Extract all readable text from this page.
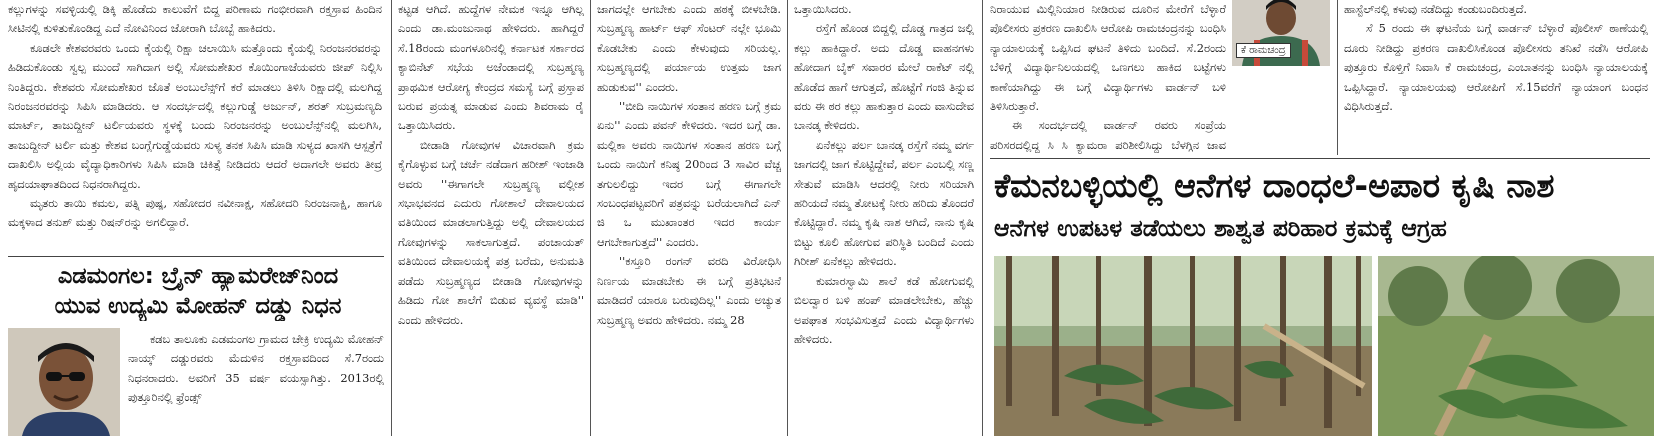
ಕಲ್ಲುಗಳನ್ನು ಸವಳ್ಳಿಯಲ್ಲಿ ಡಿಕ್ಕಿ ಹೊಡೆದು ಕಾಲುವೆಗೆ ಬಿದ್ದ ಪರಿಣಾಮ ಗಂಭೀರವಾಗಿ ರಕ್ತಸ್ರಾವ ಹಿಂದಿನ ಸೀಟಿನಲ್ಲಿ ಕುಳಿತುಕೊಂಡಿದ್ದ ಎದೆ ನೋವಿನಿಂದ ಜೋರಾಗಿ ಬೊಬ್ಬೆ ಹಾಕಿದರು.

ಕೂಡಲೇ ಕೇಶವರವರು ಒಂದು ಕೈಯಲ್ಲಿ ರಿಕ್ಷಾ ಚಲಾಯಿಸಿ ಮತ್ತೊಂದು ಕೈಯಲ್ಲಿ ನಿರಂಜನರವರನ್ನು ಹಿಡಿದುಕೊಂಡು ಸ್ವಲ್ಪ ಮುಂದೆ ಸಾಗಿದಾಗ ಅಲ್ಲಿ ಸೋಮಶೇಖರ ಕೊಯಿಂಗಾಜೆಯವರು ಜೀಪ್ ನಿಲ್ಲಿಸಿ ನಿಂತಿದ್ದರು. ಕೇಶವರು ಸೋಮಶೇಖರ ಜೊತೆ ಅಂಬುಲೆನ್ಸ್‌ಗೆ ಕರೆ ಮಾಡಲು ತಿಳಿಸಿ ರಿಕ್ಷಾದಲ್ಲಿ ಮಲಗಿದ್ದ ನಿರಂಜನರವರನ್ನು ಸಿಪಿಸಿ ಮಾಡಿದರು. ಆ ಸಂದರ್ಭದಲ್ಲಿ ಕಲ್ಲುಗುಡ್ಡೆ ಅರ್ಜುನ್, ಶರತ್ ಸುಬ್ರಮಣ್ಯದಿ ಮಾರ್ಟ್, ತಾಜುದ್ದೀನ್ ಟರ್ಲಿಯವರು ಸ್ಥಳಕ್ಕೆ ಬಂದು ನಿರಂಜನರನ್ನು ಅಂಬುಲೆನ್ಸ್‌ನಲ್ಲಿ ಮಲಗಿಸಿ, ತಾಜುದ್ದೀನ್ ಟರ್ಲಿ ಮತ್ತು ಕೇಶವ ಬಂಗ್ಲೆಗುಡ್ಡೆಯವರು ಸುಳ್ಯ ತನಕ ಸಿಪಿಸಿ ಮಾಡಿ ಸುಳ್ಯದ ಖಾಸಗಿ ಆಸ್ಪತ್ರೆಗೆ ದಾಖಲಿಸಿ ಅಲ್ಲಿಯ ವೈದ್ಯಾಧಿಕಾರಿಗಳು ಸಿಪಿಸಿ ಮಾಡಿ ಚಿಕಿತ್ಸೆ ನೀಡಿದರು ಆದರೆ ಅದಾಗಲೇ ಅವರು ತೀವ್ರ ಹೃದಯಾಘಾತದಿಂದ ನಿಧನರಾಗಿದ್ದರು.

ಮೃತರು ತಾಯಿ ಕಮಲ, ಪತ್ನಿ ಪುಷ್ಪ, ಸಹೋದರ ನವೀನಾಕ್ಷ, ಸಹೋದರಿ ನಿರಂಜನಾಕ್ಷಿ, ಹಾಗೂ ಮಕ್ಕಳಾದ ತನುಶ್ ಮತ್ತು ರಿಷನ್‌ರನ್ನು ಅಗಲಿದ್ದಾರೆ.

ಎಡಮಂಗಲ: ಬ್ರೈನ್ ಹ್ಯಾಮರೇಜ್‌ನಿಂದ
ಯುವ ಉದ್ಯಮಿ ಮೋಹನ್ ದಡ್ಡು ನಿಧನ

ಕಡಬ ತಾಲೂಕು ಎಡಮಂಗಲ ಗ್ರಾಮದ ಚೇಕ್ರಿ ಉದ್ಯಮಿ ಮೋಹನ್ ನಾಯ್ಕ್ ದಡ್ಡುರವರು ಮೆದುಳಿನ ರಕ್ತಸ್ರಾವದಿಂದ ಸೆ.7ರಂದು ನಿಧನರಾದರು. ಅವರಿಗೆ 35 ವರ್ಷ ವಯಸ್ಸಾಗಿತ್ತು. 2013ರಲ್ಲಿ ಪುತ್ತೂರಿನಲ್ಲಿ ಫ್ರೆಂಡ್ಸ್

ಕಟ್ಟಡ ಆಗಿದೆ. ಹುದ್ದೆಗಳ ನೇಮಕ ಇನ್ನೂ ಆಗಿಲ್ಲ ಎಂದು ಡಾ.ಮಂಜುನಾಥ ಹೇಳಿದರು. ಹಾಗಿದ್ದರೆ ಸೆ.18ರಂದು ಮಂಗಳೂರಿನಲ್ಲಿ ಕರ್ನಾಟಕ ಸರ್ಕಾರದ ಕ್ಯಾಬಿನೆಟ್ ಸಭೆಯ ಅಜೆಂಡಾದಲ್ಲಿ ಸುಬ್ರಹ್ಮಣ್ಯ ಪ್ರಾಥಮಿಕ ಆರೋಗ್ಯ ಕೇಂದ್ರದ ಸಮಸ್ಯೆ ಬಗ್ಗೆ ಪ್ರಸ್ತಾಪ ಬರುವ ಪ್ರಯತ್ನ ಮಾಡುವ ಎಂದು ಶಿವರಾಮ ರೈ ಒತ್ತಾಯಿಸಿದರು.

ಬೀಡಾಡಿ ಗೋವುಗಳ ವಿಚಾರವಾಗಿ ಕ್ರಮ ಕೈಗೊಳ್ಳುವ ಬಗ್ಗೆ ಚರ್ಚೆ ನಡೆದಾಗ ಹರೀಶ್ ಇಂಜಾಡಿ ಅವರು ''ಈಗಾಗಲೇ ಸುಬ್ರಹ್ಮಣ್ಯ ವಲ್ಲೀಶ ಸಭಾಭವನದ ಎದುರು ಗೋಶಾಲೆ ದೇವಾಲಯದ ವತಿಯಿಂದ ಮಾಡಲಾಗುತ್ತಿದ್ದು ಅಲ್ಲಿ ದೇವಾಲಯದ ಗೋವುಗಳನ್ನು ಸಾಕಲಾಗುತ್ತದೆ. ಪಂಚಾಯತ್ ವತಿಯಿಂದ ದೇವಾಲಯಕ್ಕೆ ಪತ್ರ ಬರೆದು, ಅನುಮತಿ ಪಡೆದು ಸುಬ್ರಹ್ಮಣ್ಯದ ಬೀಡಾಡಿ ಗೋವುಗಳನ್ನು ಹಿಡಿದು ಗೋ ಶಾಲೆಗೆ ಬಿಡುವ ವ್ಯವಸ್ಥೆ ಮಾಡಿ'' ಎಂದು ಹೇಳಿದರು.

ಜಾಗದಲ್ಲೇ ಆಗಬೇಕು ಎಂದು ಹಠಕ್ಕೆ ಬೀಳಬೇಡಿ. ಸುಬ್ರಹ್ಮಣ್ಯ ಹಾರ್ಟ್ ಆಫ್ ಸೆಂಟರ್ ನಲ್ಲೇ ಭೂಮಿ ಕೊಡಬೇಕು ಎಂದು ಕೇಳುವುದು ಸರಿಯಲ್ಲ. ಸುಬ್ರಹ್ಮಣ್ಯದಲ್ಲಿ ಪರ್ಯಾಯ ಉತ್ತಮ ಜಾಗ ಹುಡುಕುವ'' ಎಂದರು.

''ಬೀದಿ ನಾಯಿಗಳ ಸಂತಾನ ಹರಣ ಬಗ್ಗೆ ಕ್ರಮ ಏನು'' ಎಂದು ಪವನ್ ಕೇಳಿದರು. ಇದರ ಬಗ್ಗೆ ಡಾ. ಮಲ್ಲಿಕಾ ಅವರು ನಾಯಿಗಳ ಸಂತಾನ ಹರಣ ಬಗ್ಗೆ ಒಂದು ನಾಯಿಗೆ ಕನಿಷ್ಠ 20ರಿಂದ 3 ಸಾವಿರ ವೆಚ್ಚ ತಗುಲಲಿದ್ದು ಇದರ ಬಗ್ಗೆ ಈಗಾಗಲೇ ಸಂಬಂಧಪಟ್ಟವರಿಗೆ ಪತ್ರವನ್ನು ಬರೆಯಲಾಗಿದೆ ಎನ್ ಜಿ ಒ ಮುಖಾಂತರ ಇದರ ಕಾರ್ಯ ಆಗಬೇಕಾಗುತ್ತದೆ'' ಎಂದರು.

''ಕಸ್ತೂರಿ ರಂಗನ್ ವರದಿ ವಿರೋಧಿಸಿ ನಿರ್ಣಯ ಮಾಡಬೇಕು ಈ ಬಗ್ಗೆ ಪ್ರತಿಭಟನೆ ಮಾಡಿದರೆ ಯಾರೂ ಬರುವುದಿಲ್ಲ'' ಎಂದು ಅಚ್ಯುತ ಸುಬ್ರಹ್ಮಣ್ಯ ಅವರು ಹೇಳಿದರು. ನಮ್ಮ 28

ಒತ್ತಾಯಿಸಿದರು.

ರಸ್ತೆಗೆ ಹೊಂಡ ಬಿದ್ದಲ್ಲಿ ದೊಡ್ಡ ಗಾತ್ರದ ಜಲ್ಲಿ ಕಲ್ಲು ಹಾಕಿದ್ದಾರೆ. ಅದು ದೊಡ್ಡ ವಾಹನಗಳು ಹೋದಾಗ ಬೈಕ್ ಸವಾರರ ಮೇಲೆ ರಾಕೆಟ್ ನಲ್ಲಿ ಹೊಡೆದ ಹಾಗೆ ಆಗುತ್ತದೆ, ಹೊಟ್ಟೆಗೆ ಗಂಜಿ ತಿನ್ನುವ ವರು ಈ ಠರ ಕಲ್ಲು ಹಾಕುತ್ತಾರ ಎಂದು ವಾಸುದೇವ ಬಾನಡ್ಕ ಕೇಳಿದರು.

ಏನೆಕಲ್ಲು ಪರ್ಲ ಬಾನಡ್ಕ ರಸ್ತೆಗೆ ನಮ್ಮ ವರ್ಗ ಜಾಗದಲ್ಲಿ ಜಾಗ ಕೊಟ್ಟಿದ್ದೇವೆ, ಪರ್ಲ ಎಂಬಲ್ಲಿ ಸಣ್ಣ ಸೇತುವೆ ಮಾಡಿಸಿ ಆದರಲ್ಲಿ ನೀರು ಸರಿಯಾಗಿ ಹರಿಯದೆ ನಮ್ಮ ತೋಟಕ್ಕೆ ನೀರು ಹರಿದು ತೊಂದರೆ ಕೊಟ್ಟಿದ್ದಾರೆ. ನಮ್ಮ ಕೃಷಿ ನಾಶ ಆಗಿದೆ, ನಾನು ಕೃಷಿ ಬಿಟ್ಟು ಕೂಲಿ ಹೋಗುವ ಪರಿಸ್ಥಿತಿ ಬಂದಿದೆ ಎಂದು ಗಿರೀಶ್ ಏನೆಕಲ್ಲು ಹೇಳಿದರು.

ಕುಮಾರಸ್ವಾಮಿ ಶಾಲೆ ಕಡೆ ಹೋಗುವಲ್ಲಿ ಬಿಲದ್ವಾರ ಬಳಿ ಹಂಪ್ ಮಾಡಲೇಬೇಕು, ಹೆಚ್ಚು ಅಪಘಾತ ಸಂಭವಿಸುತ್ತದೆ ಎಂದು ವಿದ್ಯಾರ್ಥಿಗಳು ಹೇಳಿದರು.

ನಿರಾಯುವ ಮಿಲ್ಲಿನಿಯಾರ ನೀಡಿರುವ ದೂರಿನ ಮೇರೆಗೆ ಬೆಳ್ಳಾರೆ ಪೊಲೀಸರು ಪ್ರಕರಣ ದಾಖಲಿಸಿ ಆರೋಪಿ ರಾಮಚಂದ್ರನನ್ನು ಬಂಧಿಸಿ ನ್ಯಾಯಾಲಯಕ್ಕೆ ಒಪ್ಪಿಸಿದ ಘಟನೆ ತಿಳಿದು ಬಂದಿದೆ. ಸೆ.2ರಂದು ಬೆಳಿಗ್ಗೆ ವಿದ್ಯಾರ್ಥಿನಿಲಯದಲ್ಲಿ ಒಣಗಲು ಹಾಕಿದ ಬಟ್ಟೆಗಳು ಕಾಣೆಯಾಗಿದ್ದು ಈ ಬಗ್ಗೆ ವಿದ್ಯಾರ್ಥಿಗಳು ವಾರ್ಡನ್ ಬಳಿ ತಿಳಿಸಿರುತ್ತಾರೆ.

ಈ ಸಂದರ್ಭದಲ್ಲಿ ವಾರ್ಡನ್ ರವರು ಸಂಪ್ರೆಯ ಪರಿಸರದಲ್ಲಿದ್ದ ಸಿ ಸಿ ಕ್ಯಾಮರಾ ಪರಿಶೀಲಿಸಿದ್ದು ಬೆಳಗ್ಗಿನ ಜಾವ

ಕೆ ರಾಮಚಂದ್ರ

ಹಾಸ್ಟೆಲ್‌ನಲ್ಲಿ ಕಳುವು ನಡೆದಿದ್ದು ಕಂಡುಬಂದಿರುತ್ತದೆ.

ಸೆ 5 ರಂದು ಈ ಘಟನೆಯ ಬಗ್ಗೆ ವಾರ್ಡನ್ ಬೆಳ್ಳಾರೆ ಪೊಲೀಸ್ ಠಾಣೆಯಲ್ಲಿ ದೂರು ನೀಡಿದ್ದು ಪ್ರಕರಣ ದಾಖಲಿಸಿಕೊಂಡ ಪೊಲೀಸರು ತನಿಖೆ ನಡೆಸಿ ಆರೋಪಿ ಪುತ್ತೂರು ಕೊಳ್ತಿಗೆ ನಿವಾಸಿ ಕೆ ರಾಮಚಂದ್ರ, ಎಂಬಾತನನ್ನು ಬಂಧಿಸಿ ನ್ಯಾಯಾಲಯಕ್ಕೆ ಒಪ್ಪಿಸಿದ್ದಾರೆ. ನ್ಯಾಯಾಲಯವು ಆರೋಪಿಗೆ ಸೆ.15ವರೆಗೆ ನ್ಯಾಯಾಂಗ ಬಂಧನ ವಿಧಿಸಿರುತ್ತದೆ.

ಕೆಮನಬಳ್ಳಿಯಲ್ಲಿ ಆನೆಗಳ ದಾಂಧಲೆ-ಅಪಾರ ಕೃಷಿ ನಾಶ
ಆನೆಗಳ ಉಪಟಳ ತಡೆಯಲು ಶಾಶ್ವತ ಪರಿಹಾರ ಕ್ರಮಕ್ಕೆ ಆಗ್ರಹ
